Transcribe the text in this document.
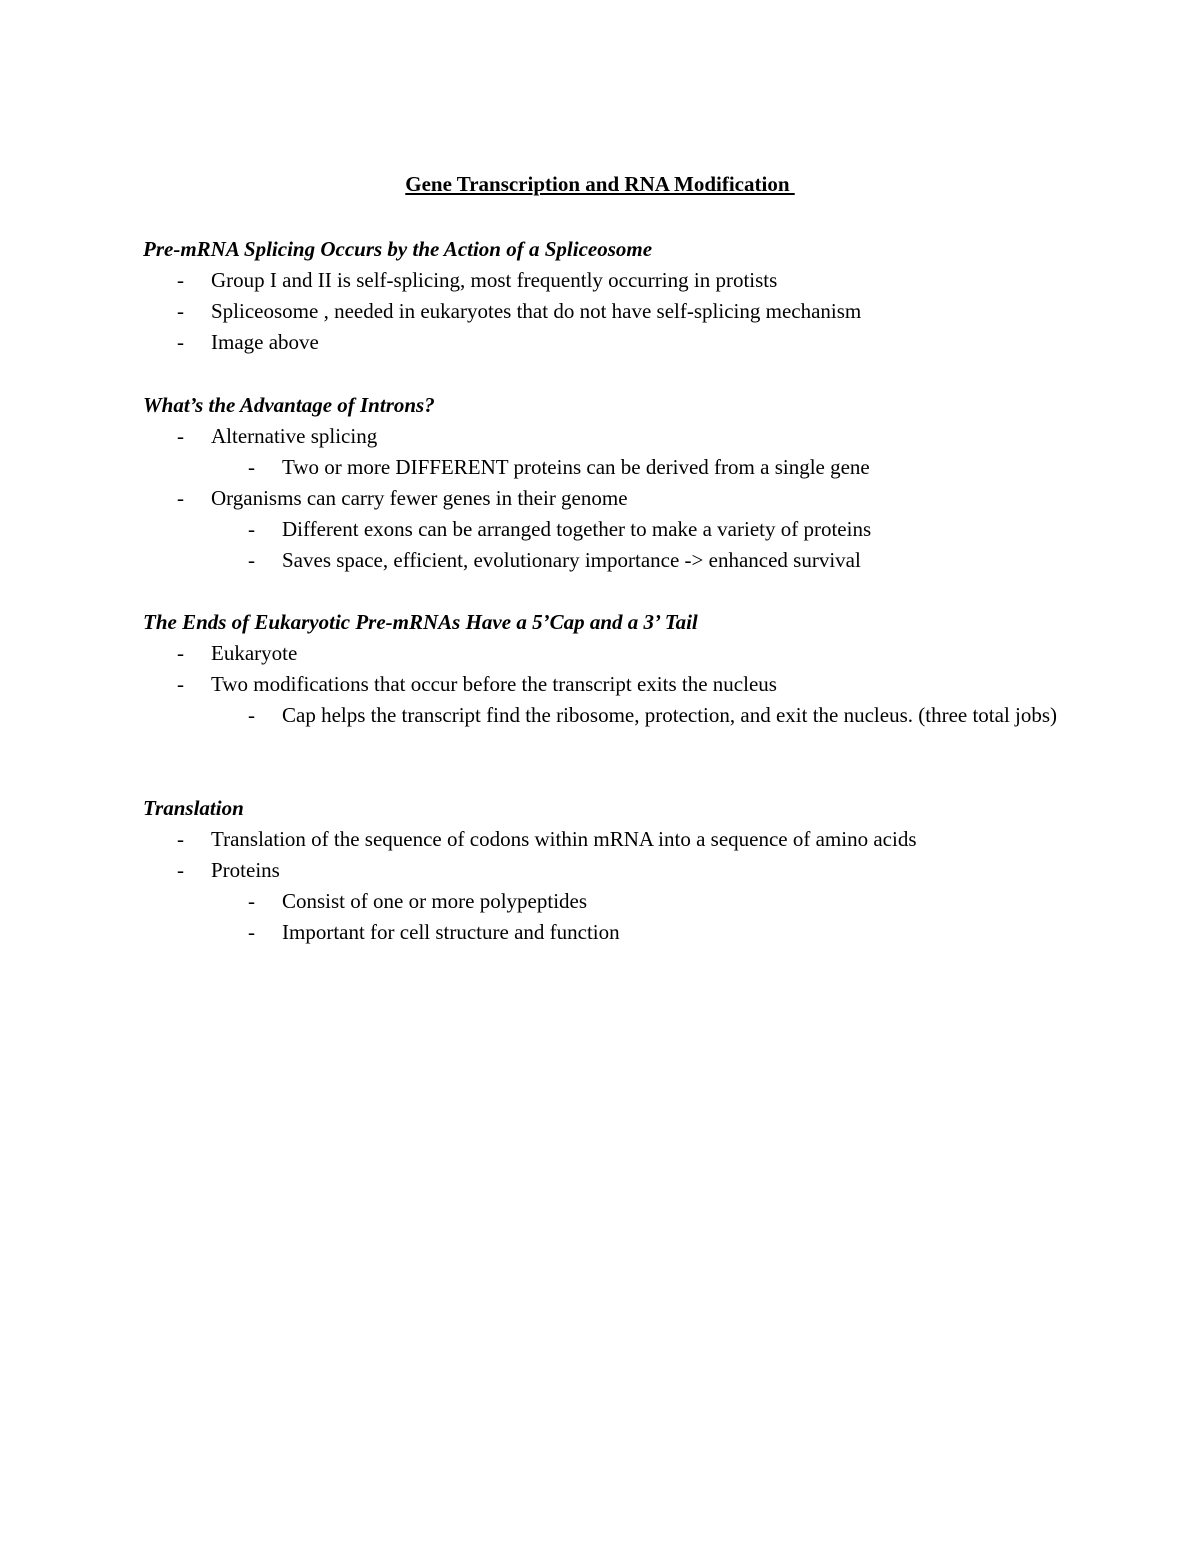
Gene Transcription and RNA Modification

Pre-mRNA Splicing Occurs by the Action of a Spliceosome

- Group I and II is self-splicing, most frequently occurring in protists

- Spliceosome , needed in eukaryotes that do not have self-splicing mechanism

- Image above

What’s the Advantage of Introns?

- Alternative splicing

- Two or more DIFFERENT proteins can be derived from a single gene

- Organisms can carry fewer genes in their genome

- Different exons can be arranged together to make a variety of proteins

- Saves space, efficient, evolutionary importance -> enhanced survival

The Ends of Eukaryotic Pre-mRNAs Have a 5’Cap and a 3’ Tail

- Eukaryote

- Two modifications that occur before the transcript exits the nucleus

- Cap helps the transcript find the ribosome, protection, and exit the nucleus. (three total jobs)

Translation

- Translation of the sequence of codons within mRNA into a sequence of amino acids

- Proteins

- Consist of one or more polypeptides

- Important for cell structure and function
